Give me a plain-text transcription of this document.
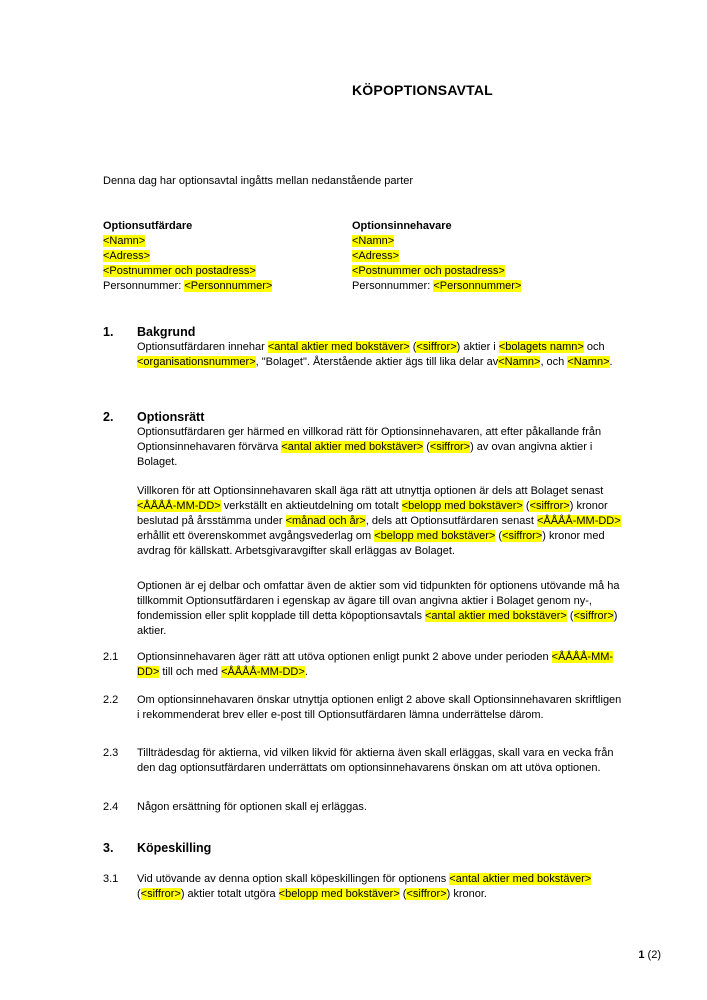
KÖPOPTIONSAVTAL
Denna dag har optionsavtal ingåtts mellan nedanstående parter
Optionsutfärdare
<Namn>
<Adress>
<Postnummer och postadress>
Personnummer: <Personnummer>
Optionsinnehavare
<Namn>
<Adress>
<Postnummer och postadress>
Personnummer: <Personnummer>
1. Bakgrund
Optionsutfärdaren innehar <antal aktier med bokstäver> (<siffror>) aktier i <bolagets namn> och <organisationsnummer>, "Bolaget". Återstående aktier ägs till lika delar av<Namn>, och <Namn>.
2. Optionsrätt
Optionsutfärdaren ger härmed en villkorad rätt för Optionsinnehavaren, att efter påkallande från Optionsinnehavaren förvärva <antal aktier med bokstäver> (<siffror>) av ovan angivna aktier i Bolaget.
Villkoren för att Optionsinnehavaren skall äga rätt att utnyttja optionen är dels att Bolaget senast <ÅÅÅÅ-MM-DD> verkställt en aktieutdelning om totalt <belopp med bokstäver> (<siffror>) kronor beslutad på årsstämma under <månad och år>, dels att Optionsutfärdaren senast <ÅÅÅÅ-MM-DD> erhållit ett överenskommet avgångsvederlag om <belopp med bokstäver> (<siffror>) kronor med avdrag för källskatt. Arbetsgivaravgifter skall erläggas av Bolaget.
Optionen är ej delbar och omfattar även de aktier som vid tidpunkten för optionens utövande må ha tillkommit Optionsutfärdaren i egenskap av ägare till ovan angivna aktier i Bolaget genom ny-, fondemission eller split kopplade till detta köpoptionsavtals <antal aktier med bokstäver> (<siffror>) aktier.
2.1 Optionsinnehavaren äger rätt att utöva optionen enligt punkt 2 above under perioden <ÅÅÅÅ-MM-DD> till och med <ÅÅÅÅ-MM-DD>.
2.2 Om optionsinnehavaren önskar utnyttja optionen enligt 2 above skall Optionsinnehavaren skriftligen i rekommenderat brev eller e-post till Optionsutfärdaren lämna underrättelse därom.
2.3 Tillträdesdag för aktierna, vid vilken likvid för aktierna även skall erläggas, skall vara en vecka från den dag optionsutfärdaren underrättats om optionsinnehavarens önskan om att utöva optionen.
2.4 Någon ersättning för optionen skall ej erläggas.
3. Köpeskilling
3.1 Vid utövande av denna option skall köpeskillingen för optionens <antal aktier med bokstäver> (<siffror>) aktier totalt utgöra <belopp med bokstäver> (<siffror>) kronor.
1 (2)
